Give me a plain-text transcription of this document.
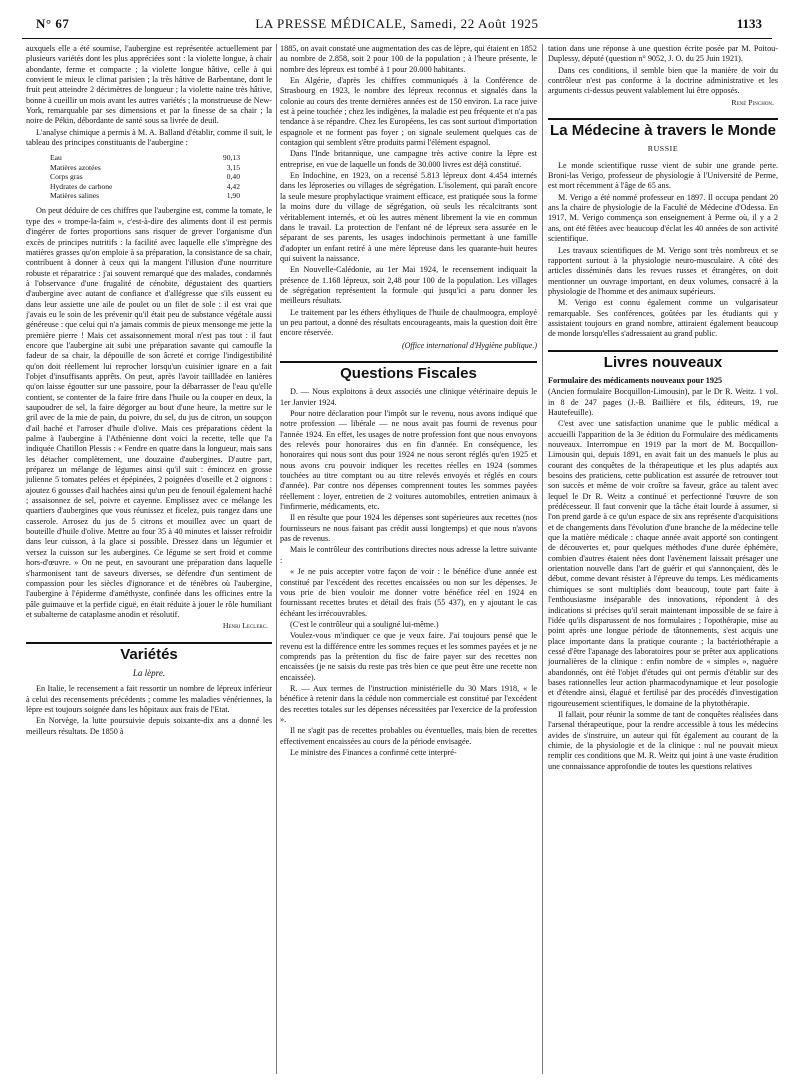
N° 67	LA PRESSE MÉDICALE, Samedi, 22 Août 1925	1133

auxquels elle a été soumise, l'aubergine est représentée actuellement par plusieurs variétés dont les plus appréciées sont : la violette longue, à chair abondante, ferme et compacte ; la violette longue hâtive, celle à qui convient le mieux le climat parisien ; la très hâtive de Barbentane, dont le fruit peut atteindre 2 décimètres de longueur ; la violette naine très hâtive, bonne à cueillir un mois avant les autres variétés ; la monstrueuse de New-York, remarquable par ses dimensions et par la finesse de sa chair ; la noire de Pékin, débordante de santé sous sa livrée de deuil.

L'analyse chimique a permis à M. A. Balland d'établir, comme il suit, le tableau des principes constituants de l'aubergine :

Eau	90,13
Matières azotées	3,15
Corps gras	0,40
Hydrates de carbone	4,42
Matières salines	1,90

On peut déduire de ces chiffres que l'aubergine est, comme la tomate, le type des « trompe-la-faim », c'est-à-dire des aliments dont il est permis d'ingérer de fortes proportions sans risquer de grever l'organisme d'un excès de principes nutritifs : la facilité avec laquelle elle s'imprègne des matières grasses qu'on emploie à sa préparation, la consistance de sa chair, contribuent à donner à ceux qui la mangent l'illusion d'une nourriture robuste et réparatrice : j'ai souvent remarqué que des malades, condamnés à l'observance d'une frugalité de cénobite, dégustaient des quartiers d'aubergine avec autant de confiance et d'allégresse que s'ils eussent eu dans leur assiette une aile de poulet ou un filet de sole : il est vrai que j'avais eu le soin de les prévenir qu'il était peu de substance végétale aussi généreuse : que celui qui n'a jamais commis de pieux mensonge me jette la première pierre ! Mais cet assaisonnement moral n'est pas tout : il faut encore que l'aubergine ait subi une préparation savante qui camoufle la fadeur de sa chair, la dépouille de son âcreté et corrige l'indigestibilité qu'on doit réellement lui reprocher lorsqu'un cuisinier ignare en a fait l'objet d'insuffisants apprêts. On peut, après l'avoir taillladée en lanières qu'on laisse égoutter sur une passoire, pour la débarrasser de l'eau qu'elle contient, se contenter de la faire frire dans l'huile ou la couper en deux, la saupoudrer de sel, la faire dégorger au bout d'une heure, la mettre sur le gril avec de la mie de pain, du poivre, du sel, du jus de citron, un soupçon d'ail haché et l'arroser d'huile d'olive. Mais ces préparations cèdent la palme à l'aubergine à l'Athénienne dont voici la recette, telle que l'a indiquée Chatillon Plessis : « Fendre en quatre dans la longueur, mais sans les détacher complètement, une douzaine d'aubergines. D'autre part, préparez un mélange de légumes ainsi qu'il suit : émincez en grosse julienne 5 tomates pelées et épépinées, 2 poignées d'oseille et 2 oignons : ajoutez 6 gousses d'ail hachées ainsi qu'un peu de fenouil également haché ; assaisonnez de sel, poivre et cayenne. Emplissez avec ce mélange les quartiers d'aubergines que vous réunissez et ficelez, puis rangez dans une casserole. Arrosez du jus de 5 citrons et mouillez avec un quart de bouteille d'huile d'olive. Mettre au four 35 à 40 minutes et laisser refroidir dans leur cuisson, à la glace si possible. Dressez dans un légumier et versez la cuisson sur les aubergines. Ce légume se sert froid et comme hors-d'œuvre. » On ne peut, en savourant une préparation dans laquelle s'harmonisent tant de saveurs diverses, se défendre d'un sentiment de compassion pour les siècles d'ignorance et de ténèbres où l'aubergine, l'aubergine à l'épiderme d'améthyste, confinée dans les officines entre la pâle guimauve et la perfide ciguë, en était réduite à jouer le rôle humiliant et subalterne de cataplasme anodin et résolutif.

Henri Leclerc.
Variétés
La lèpre.

En Italie, le recensement a fait ressortir un nombre de lépreux inférieur à celui des recensements précédents ; comme les maladies vénériennes, la lèpre est toujours soignée dans les hôpitaux aux frais de l'Etat.

En Norvège, la lutte poursuivie depuis soixante-dix ans a donné les meilleurs résultats. De 1850 à

1885, on avait constaté une augmentation des cas de lèpre, qui étaient en 1852 au nombre de 2.858, soit 2 pour 100 de la population ; à l'heure présente, le nombre des lépreux est tombé à 1 pour 20.000 habitants.

En Algérie, d'après les chiffres communiqués à la Conférence de Strasbourg en 1923, le nombre des lépreux reconnus et signalés dans la colonie au cours des trente dernières années est de 150 environ. La race juive est à peine touchée ; chez les indigènes, la maladie est peu fréquente et n'a pas tendance à se répandre. Chez les Européens, les cas sont surtout d'importation espagnole et ne forment pas foyer ; on signale seulement quelques cas de contagion qui semblent s'être produits parmi l'élément espagnol.

Dans l'Inde britannique, une campagne très active contre la lèpre est entreprise, en vue de laquelle un fonds de 30.000 livres est déjà constitué.

En Indochine, en 1923, on a recensé 5.813 lépreux dont 4.454 internés dans les léproseries ou villages de ségrégation. L'isolement, qui paraît encore la seule mesure prophylactique vraiment efficace, est pratiquée sous la forme la moins dure du village de ségrégation, où seuls les récalcitrants sont véritablement internés, et où les autres mènent librement la vie en commun dans le travail. La protection de l'enfant né de lépreux sera assurée en le séparant de ses parents, les usages indochinois permettant à une famille d'adopter un enfant retiré à une mère lépreuse dans les quarante-huit heures qui suivent la naissance.

En Nouvelle-Calédonie, au 1er Mai 1924, le recensement indiquait la présence de 1.168 lépreux, soit 2,48 pour 100 de la population. Les villages de ségrégation représentent la formule qui jusqu'ici a paru donner les meilleurs résultats.

Le traitement par les éthers éthyliques de l'huile de chaulmoogra, employé un peu partout, a donné des résultats encourageants, mais la question doit être encore réservée.

(Office international d'Hygiène publique.)
Questions Fiscales

D. — Nous exploitons à deux associés une clinique vétérinaire depuis le 1er Janvier 1924.

Pour notre déclaration pour l'impôt sur le revenu, nous avons indiqué que notre profession — libérale — ne nous avait pas fourni de revenus pour l'année 1924. En effet, les usages de notre profession font que nous envoyons des relevés pour honoraires dus en fin d'année. En conséquence, les honoraires qui nous sont dus pour 1924 ne nous seront réglés qu'en 1925 et nous avons cru pouvoir indiquer les recettes réelles en 1924 (sommes touchées au titre comptant ou au titre relevés envoyés et réglés en cours d'année). Par contre nos dépenses comprennent toutes les sommes payées réellement : loyer, entretien de 2 voitures automobiles, entretien animaux à l'infirmerie, médicaments, etc.

Il en résulte que pour 1924 les dépenses sont supérieures aux recettes (nos fournisseurs ne nous faisant pas crédit aussi longtemps) et que nous n'avons pas de revenus.

Mais le contrôleur des contributions directes nous adresse la lettre suivante :

« Je ne puis accepter votre façon de voir : le bénéfice d'une année est constitué par l'excédent des recettes encaissées ou non sur les dépenses. Je vous prie de bien vouloir me donner votre bénéfice réel en 1924 en fournissant recettes brutes et détail des frais (55 437), en y ajoutant le cas échéant les irrécouvrables.

(C'est le contrôleur qui a souligné lui-même.)

Voulez-vous m'indiquer ce que je veux faire. J'ai toujours pensé que le revenu est la différence entre les sommes reçues et les sommes payées et je ne comprends pas la prétention du fisc de faire payer sur des recettes non encaissées (je ne saisis du reste pas très bien ce que peut être une recette non encaissée).

R. — Aux termes de l'instruction ministérielle du 30 Mars 1918, « le bénéfice à retenir dans la cédule non commerciale est constitué par l'excédent des recettes totales sur les dépenses nécessitées par l'exercice de la profession ».

Il ne s'agit pas de recettes probables ou éventuelles, mais bien de recettes effectivement encaissées au cours de la période envisagée.

Le ministre des Finances a confirmé cette interpré-

tation dans une réponse à une question écrite posée par M. Poitou-Duplessy, député (question n° 9052, J. O. du 25 Juin 1921).

Dans ces conditions, il semble bien que la manière de voir du contrôleur n'est pas conforme à la doctrine administrative et les arguments ci-dessus peuvent valablement lui être opposés.

René Pinchon.
La Médecine à travers le Monde
RUSSIE

Le monde scientifique russe vient de subir une grande perte. Broni-las Verigo, professeur de physiologie à l'Université de Perme, est mort récemment à l'âge de 65 ans.

M. Verigo a été nommé professeur en 1897. Il occupa pendant 20 ans la chaire de physiologie de la Faculté de Médecine d'Odessa. En 1917, M. Verigo commença son enseignement à Perme où, il y a 2 ans, ont été fêtées avec beaucoup d'éclat les 40 années de son activité scientifique.

Les travaux scientifiques de M. Verigo sont très nombreux et se rapportent surtout à la physiologie neuro-musculaire. A côté des articles disséminés dans les revues russes et étrangères, on doit mentionner un ouvrage important, en deux volumes, consacré à la physiologie de l'homme et des animaux supérieurs.

M. Verigo est connu également comme un vulgarisateur remarquable. Ses conférences, goûtées par les étudiants qui y assistaient toujours en grand nombre, attiraient également beaucoup de monde lorsqu'elles s'adressaient au grand public.

Livres nouveaux

Formulaire des médicaments nouveaux pour 1925

(Ancien formulaire Bocquillon-Limousin), par le Dr R. Weitz. 1 vol. in 8 de 247 pages (J.-B. Baillière et fils, éditeurs, 19, rue Hautefeuille).

C'est avec une satisfaction unanime que le public médical a accueilli l'apparition de la 3e édition du Formulaire des médicaments nouveaux. Interrompue en 1919 par la mort de M. Bocquillon-Limousin qui, depuis 1891, en avait fait un des manuels le plus au courant des conquêtes de la thérapeutique et les plus adaptés aux besoins des praticiens, cette publication est assurée de retrouver tout son succès et même de voir croître sa faveur, grâce au talent avec lequel le Dr R. Weitz a continué et perfectionné l'œuvre de son prédécesseur. Il faut convenir que la tâche était lourde à assumer, si l'on prend garde à ce qu'un espace de six ans représente d'acquisitions et de changements dans l'évolution d'une branche de la médecine telle que la matière médicale : chaque année avait apporté son contingent de découvertes et, pour quelques méthodes d'une durée éphémère, combien d'autres étaient nées dont l'avènement laissait présager une orientation nouvelle dans l'art de guérir et qui s'annonçaient, dès le début, comme devant résister à l'épreuve du temps. Les médicaments chimiques se sont multipliés dont beaucoup, toute part faite à l'enthousiasme inséparable des innovations, répondent à des indications si précises qu'il serait maintenant impossible de se faire à l'idée qu'ils disparussent de nos formulaires ; l'opothérapie, mise au point après une longue période de tâtonnements, s'est acquis une place importante dans la pratique courante ; la bactériothérapie a cessé d'être l'apanage des laboratoires pour se prêter aux applications journalières de la clinique : enfin nombre de « simples », naguère abandonnés, ont été l'objet d'études qui ont permis d'établir sur des bases rationnelles leur action pharmacodynamique et leur posologie et d'étendre ainsi, élagué et fertilisé par des procédés d'investigation rigoureusement scientifiques, le domaine de la phytothérapie.

Il fallait, pour réunir la somme de tant de conquêtes réalisées dans l'arsenal thérapeutique, pour la rendre accessible à tous les médecins avides de s'instruire, un auteur qui fût également au courant de la chimie, de la physiologie et de la clinique : nul ne pouvait mieux remplir ces conditions que M. R. Weitz qui joint à une vaste érudition une connaissance approfondie de toutes les questions relatives
